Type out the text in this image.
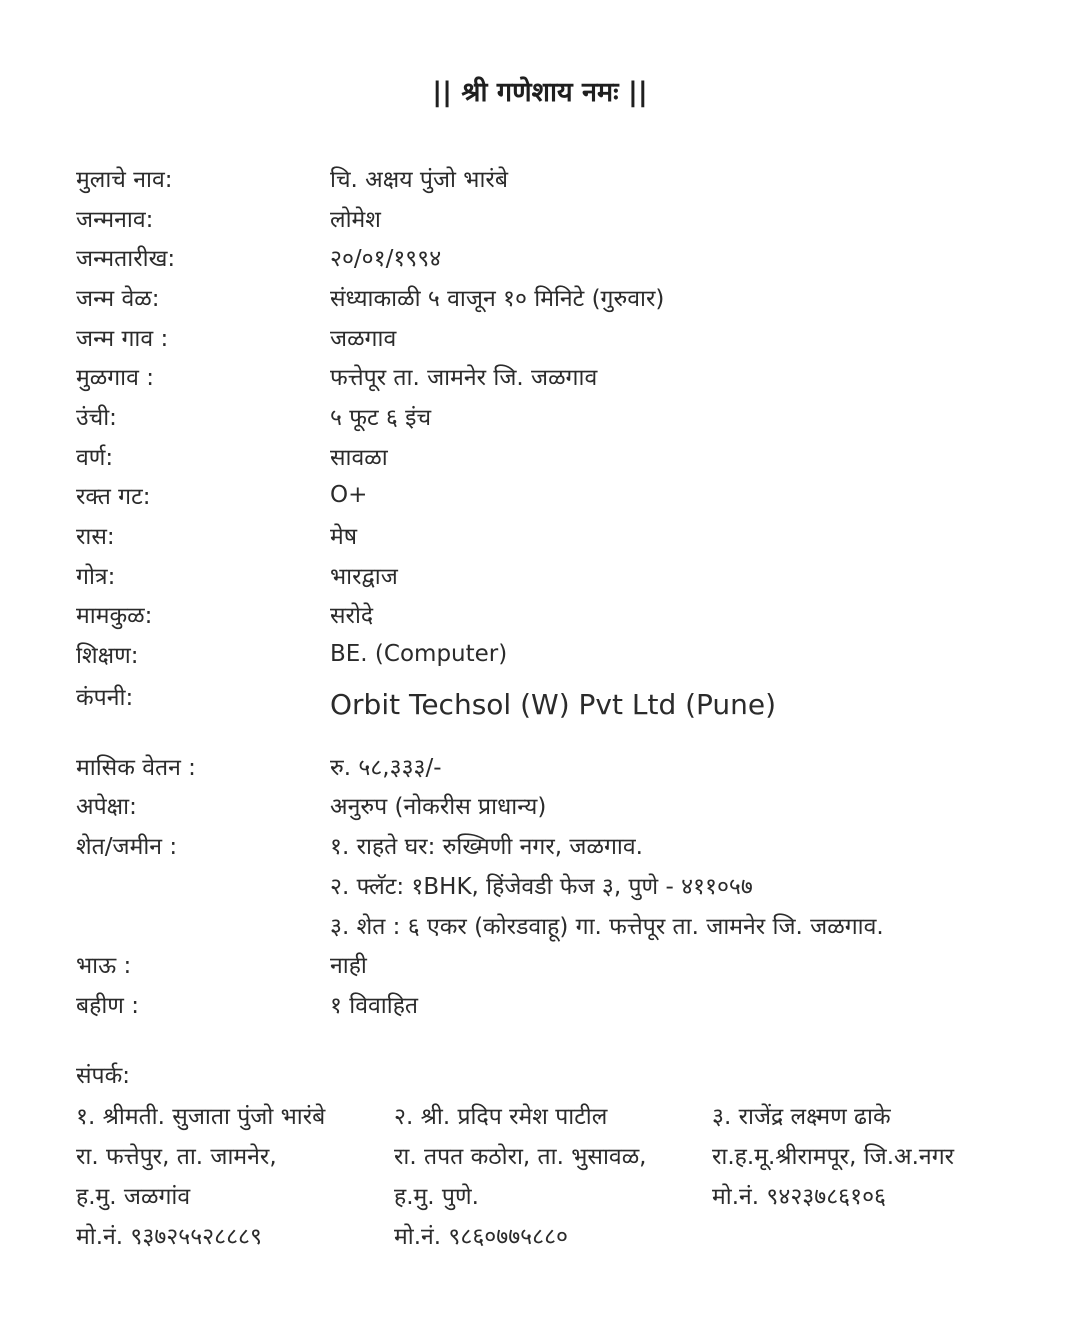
|| श्री गणेशाय नमः ||
मुलाचे नाव:	चि. अक्षय पुंजो भारंबे
जन्मनाव:	लोमेश
जन्मतारीख:	२०/०१/१९९४
जन्म वेळ:	संध्याकाळी ५ वाजून १० मिनिटे (गुरुवार)
जन्म गाव :	जळगाव
मुळगाव :	फत्तेपूर ता. जामनेर जि. जळगाव
उंची:	५ फूट ६ इंच
वर्ण:	सावळा
रक्त गट:	O+
रास:	मेष
गोत्र:	भारद्वाज
मामकुळ:	सरोदे
शिक्षण:	BE. (Computer)
कंपनी:	Orbit Techsol (W) Pvt Ltd (Pune)
मासिक वेतन :	रु. ५८,३३३/-
अपेक्षा:	अनुरुप (नोकरीस प्राधान्य)
शेत/जमीन :	१. राहते घर: रुख्मिणी नगर, जळगाव.
२. फ्लॅट: १BHK, हिंजेवडी फेज ३, पुणे - ४११०५७
३. शेत : ६ एकर (कोरडवाहू) गा. फत्तेपूर ता. जामनेर जि. जळगाव.
भाऊ :	नाही
बहीण :	१ विवाहित
संपर्क:
१. श्रीमती. सुजाता पुंजो भारंबे
रा. फत्तेपुर, ता. जामनेर,
ह.मु. जळगांव
मो.नं. ९३७२५५२८८८९
२. श्री. प्रदिप रमेश पाटील
रा. तपत कठोरा, ता. भुसावळ,
ह.मु. पुणे.
मो.नं. ९८६०७७५८८०
३. राजेंद्र लक्ष्मण ढाके
रा.ह.मू.श्रीरामपूर, जि.अ.नगर
मो.नं. ९४२३७८६१०६
